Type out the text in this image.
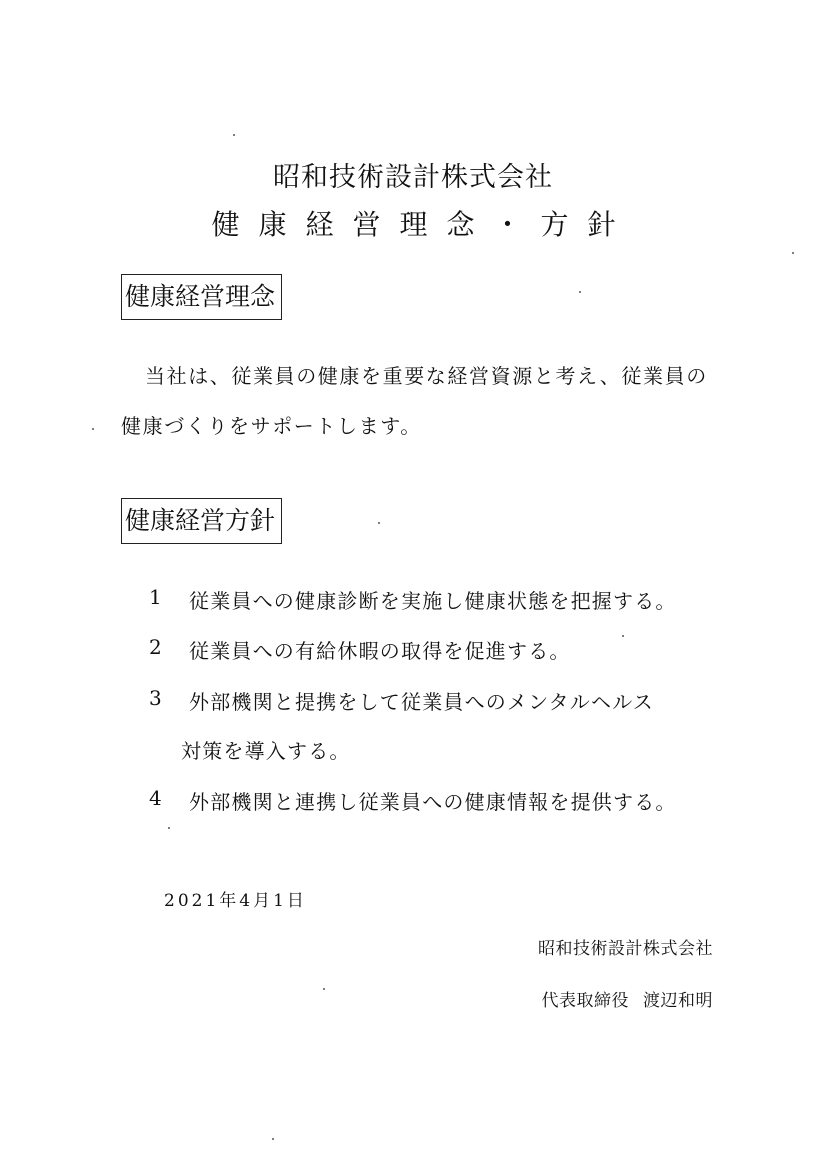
昭和技術設計株式会社
健康経営理念・方針
健康経営理念
当社は、従業員の健康を重要な経営資源と考え、従業員の
健康づくりをサポートします。
健康経営方針
1 従業員への健康診断を実施し健康状態を把握する。
2 従業員への有給休暇の取得を促進する。
3 外部機関と提携をして従業員へのメンタルヘルス
対策を導入する。
4 外部機関と連携し従業員への健康情報を提供する。
2021年4月1日
昭和技術設計株式会社
代表取締役 渡辺和明
